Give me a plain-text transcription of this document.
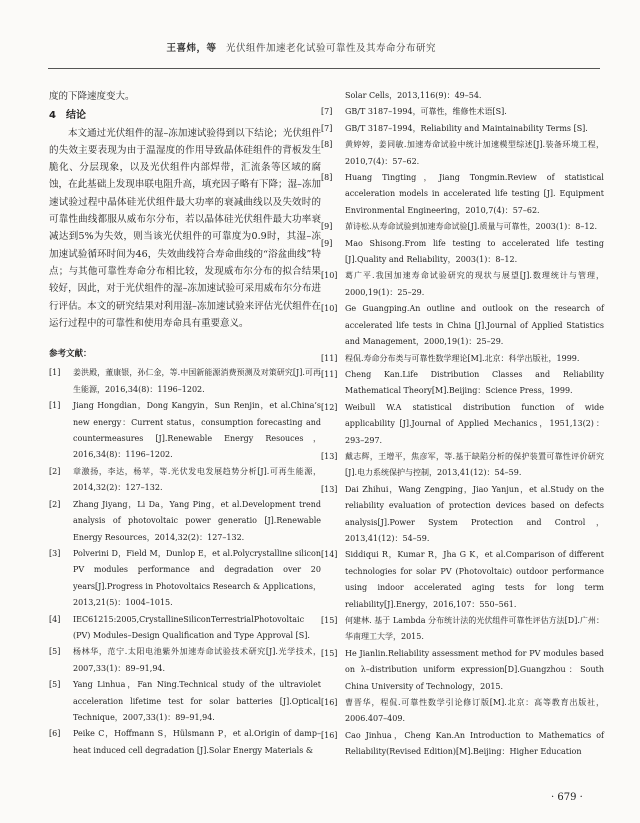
王喜炜，等 光伏组件加速老化试验可靠性及其寿命分布研究

度的下降速度变大。

4 结论

本文通过光伏组件的湿–冻加速试验得到以下结论；光伏组件的失效主要表现为由于温湿度的作用导致晶体硅组件的背板发生脆化、分层现象，以及光伏组件内部焊带，汇流条等区域的腐蚀，在此基础上发现串联电阻升高，填充因子略有下降；湿–冻加速试验过程中晶体硅光伏组件最大功率的衰减曲线以及失效时的可靠性曲线都服从威布尔分布，若以晶体硅光伏组件最大功率衰减达到5%为失效，则当该光伏组件的可靠度为0.9时，其湿–冻加速试验循环时间为46，失效曲线符合寿命曲线的“浴盆曲线”特点；与其他可靠性寿命分布相比较，发现威布尔分布的拟合结果较好，因此，对于光伏组件的湿–冻加速试验可采用威布尔分布进行评估。本文的研究结果对利用湿–冻加速试验来评估光伏组件在运行过程中的可靠性和使用寿命具有重要意义。

参考文献：
[1]	姜洪殿，董康银，孙仁金，等.中国新能源消费预测及对策研究[J].可再生能源，2016,34(8)：1196–1202.
[1]	Jiang Hongdian，Dong Kangyin，Sun Renjin，et al.China’s new energy：Current status，consumption forecasting and countermeasures [J].Renewable Energy Resouces，2016,34(8)：1196–1202.
[2]	章激扬，李达，杨苹，等.光伏发电发展趋势分析[J].可再生能源，2014,32(2)：127–132.
[2]	Zhang Jiyang，Li Da，Yang Ping，et al.Development trend analysis of photovoltaic power generatio [J].Renewable Energy Resources，2014,32(2)：127–132.
[3]	Polverini D，Field M，Dunlop E，et al.Polycrystalline silicon PV modules performance and degradation over 20 years[J].Progress in Photovoltaics Research & Applications，2013,21(5)：1004–1015.
[4]	IEC61215:2005,CrystallineSiliconTerrestrialPhotovoltaic (PV) Modules–Design Qualification and Type Approval [S].
[5]	杨林华，范宁.太阳电池紫外加速寿命试验技术研究[J].光学技术，2007,33(1)：89–91,94.
[5]	Yang Linhua，Fan Ning.Technical study of the ultraviolet acceleration lifetime test for solar batteries [J].Optical Technique，2007,33(1)：89–91,94.
[6]	Peike C，Hoffmann S，Hülsmann P，et al.Origin of damp–heat induced cell degradation [J].Solar Energy Materials &
Solar Cells，2013,116(9)：49–54.
[7]	GB/T 3187–1994，可靠性，维修性术语[S].
[7]	GB/T 3187–1994，Reliability and Maintainability Terms [S].
[8]	黄婷婷，姜同敏.加速寿命试验中统计加速模型综述[J].装备环境工程，2010,7(4)：57–62.
[8]	Huang Tingting，Jiang Tongmin.Review of statistical acceleration models in accelerated life testing [J]. Equipment Environmental Engineering，2010,7(4)：57–62.
[9]	茆诗松.从寿命试验到加速寿命试验[J].质量与可靠性，2003(1)：8–12.
[9]	Mao Shisong.From life testing to accelerated life testing [J].Quality and Reliability，2003(1)：8–12.
[10] 葛广平.我国加速寿命试验研究的现状与展望[J].数理统计与管理，2000,19(1)：25–29.
[10] Ge Guangping.An outline and outlook on the research of accelerated life tests in China [J].Journal of Applied Statistics and Management，2000,19(1)：25–29.
[11] 程侃.寿命分布类与可靠性数学理论[M].北京：科学出版社，1999.
[11] Cheng Kan.Life Distribution Classes and Reliability Mathematical Theory[M].Beijing：Science Press，1999.
[12] Weibull W.A statistical distribution function of wide applicability [J].Journal of Applied Mechanics，1951,13(2)：293–297.
[13] 戴志辉，王增平，焦彦军，等.基于缺陷分析的保护装置可靠性评价研究[J].电力系统保护与控制，2013,41(12)：54–59.
[13] Dai Zhihui，Wang Zengping，Jiao Yanjun，et al.Study on the reliability evaluation of protection devices based on defects analysis[J].Power System Protection and Control，2013,41(12)：54–59.
[14] Siddiqui R，Kumar R，Jha G K，et al.Comparison of different technologies for solar PV (Photovoltaic) outdoor performance using indoor accelerated aging tests for long term reliability[J].Energy，2016,107：550–561.
[15] 何建林. 基于 Lambda 分布统计法的光伏组件可靠性评估方法[D].广州：华南理工大学，2015.
[15] He Jianlin.Reliability assessment method for PV modules based on λ–distribution uniform expression[D].Guangzhou：South China University of Technology，2015.
[16] 曹晋华，程侃.可靠性数学引论修订版[M].北京：高等教育出版社，2006.407–409.
[16] Cao Jinhua，Cheng Kan.An Introduction to Mathematics of Reliability(Revised Edition)[M].Beijing：Higher Education
· 679 ·
